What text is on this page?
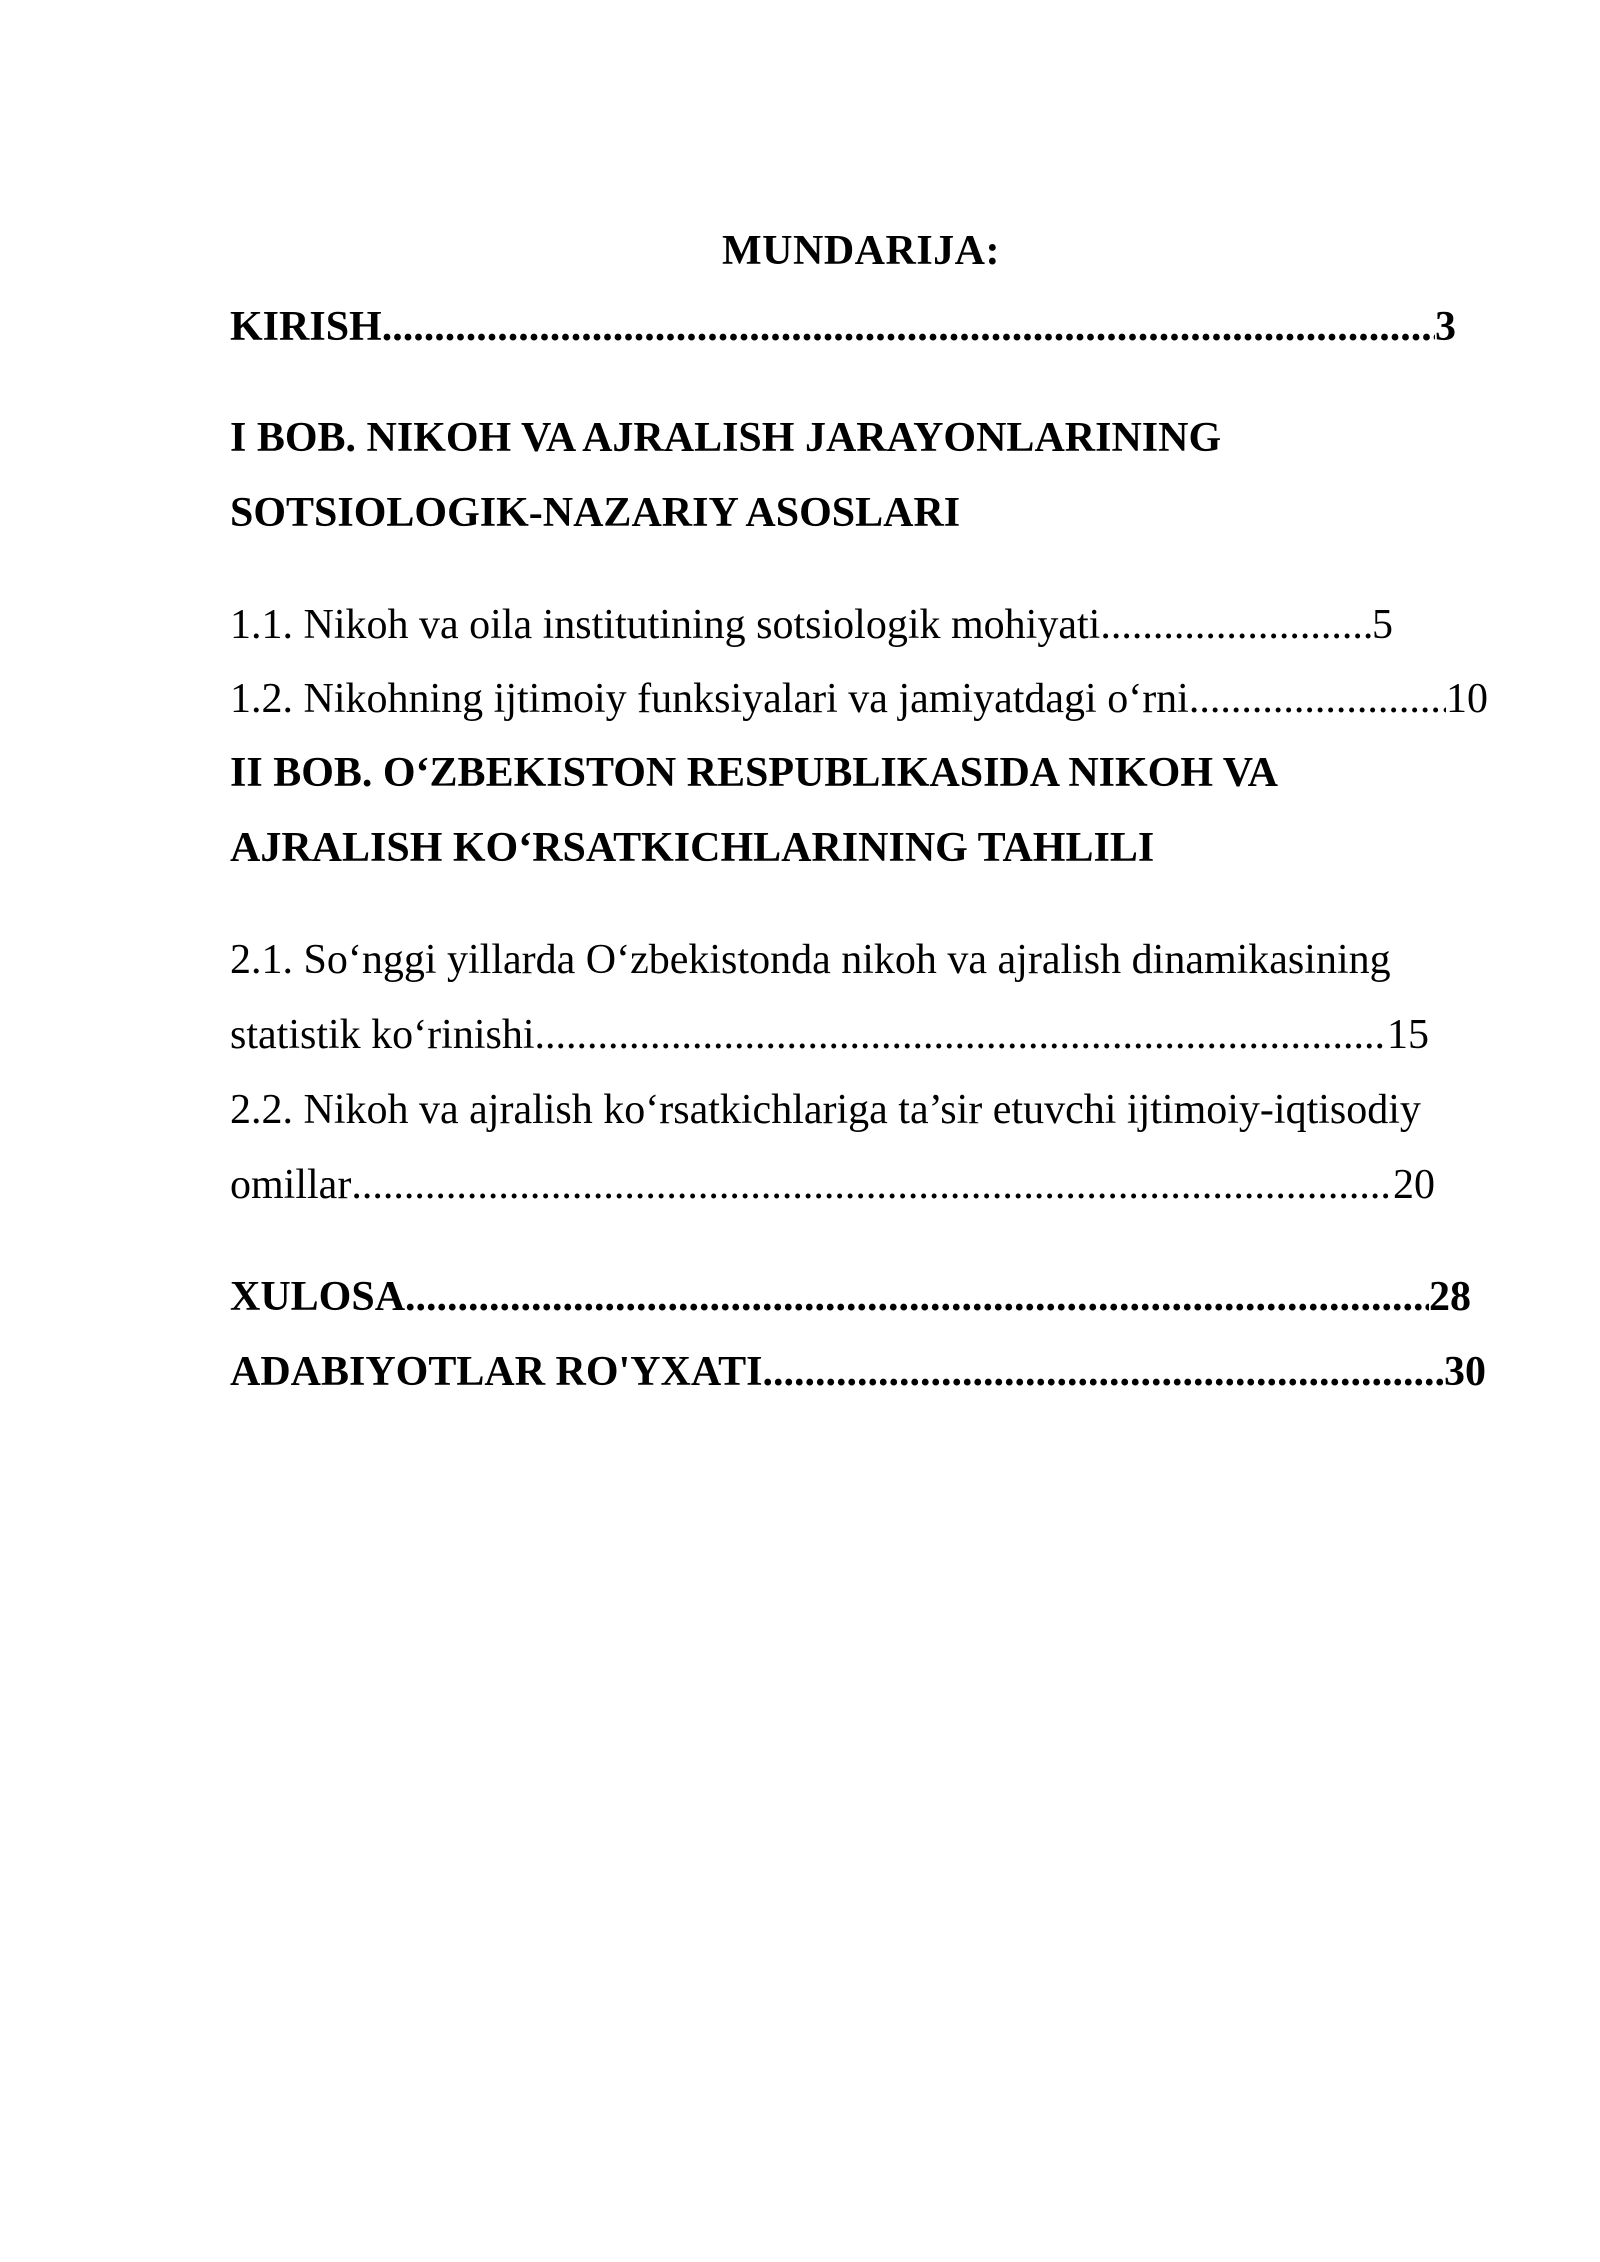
MUNDARIJA:
KIRISH .....	3
I BOB. NIKOH VA AJRALISH JARAYONLARINING
SOTSIOLOGIK-NAZARIY ASOSLARI
1.1. Nikoh va oila institutining sotsiologik mohiyati .....	5
1.2. Nikohning ijtimoiy funksiyalari va jamiyatdagi o‘rni .....	10
II BOB. O‘ZBEKISTON RESPUBLIKASIDA NIKOH VA
AJRALISH KO‘RSATKICHLARINING TAHLILI
2.1. So‘nggi yillarda O‘zbekistonda nikoh va ajralish dinamikasining
statistik ko‘rinishi .....	15
2.2. Nikoh va ajralish ko‘rsatkichlariga ta’sir etuvchi ijtimoiy-iqtisodiy
omillar .....	20
XULOSA .....	28
ADABIYOTLAR RO'YXATI .....	30
